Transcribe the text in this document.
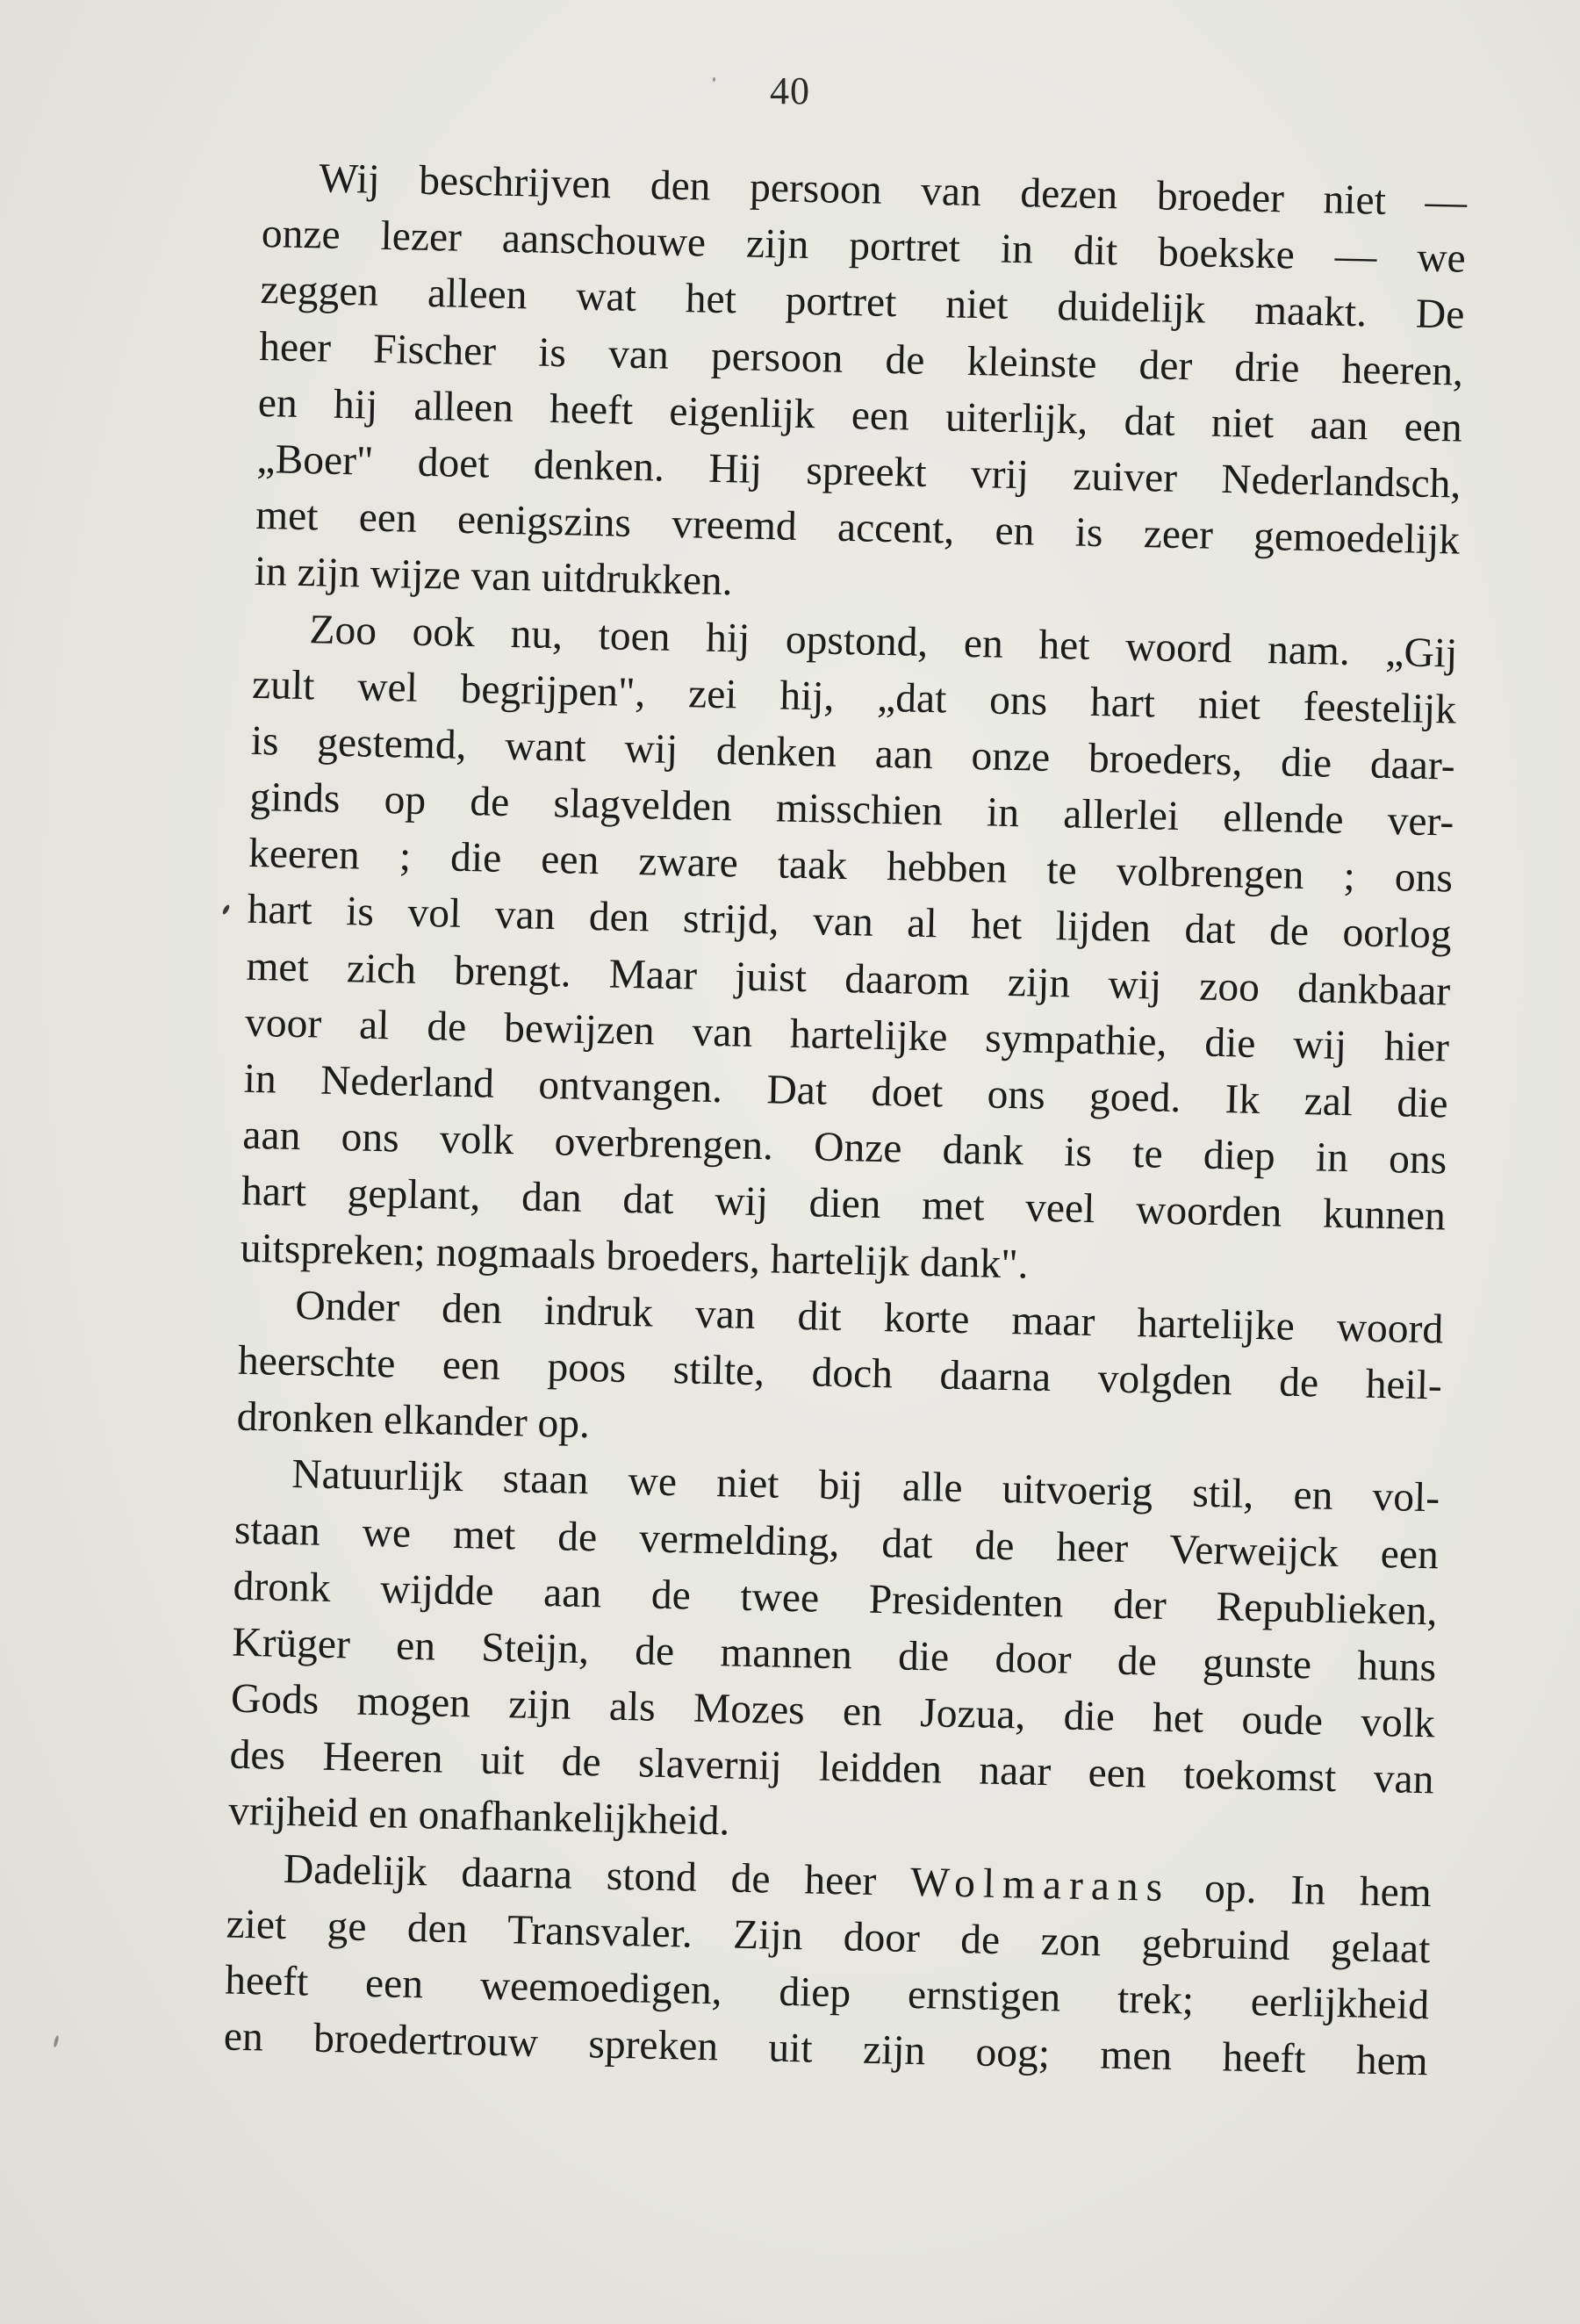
40
Wij beschrijven den persoon van dezen broeder niet —
onze lezer aanschouwe zijn portret in dit boekske — we
zeggen alleen wat het portret niet duidelijk maakt. De
heer Fischer is van persoon de kleinste der drie heeren,
en hij alleen heeft eigenlijk een uiterlijk, dat niet aan een
„Boer" doet denken. Hij spreekt vrij zuiver Nederlandsch,
met een eenigszins vreemd accent, en is zeer gemoedelijk
in zijn wijze van uitdrukken.
Zoo ook nu, toen hij opstond, en het woord nam. „Gij
zult wel begrijpen", zei hij, „dat ons hart niet feestelijk
is gestemd, want wij denken aan onze broeders, die daar-
ginds op de slagvelden misschien in allerlei ellende ver-
keeren ; die een zware taak hebben te volbrengen ; ons
hart is vol van den strijd, van al het lijden dat de oorlog
met zich brengt. Maar juist daarom zijn wij zoo dankbaar
voor al de bewijzen van hartelijke sympathie, die wij hier
in Nederland ontvangen. Dat doet ons goed. Ik zal die
aan ons volk overbrengen. Onze dank is te diep in ons
hart geplant, dan dat wij dien met veel woorden kunnen
uitspreken; nogmaals broeders, hartelijk dank".
Onder den indruk van dit korte maar hartelijke woord
heerschte een poos stilte, doch daarna volgden de heil-
dronken elkander op.
Natuurlijk staan we niet bij alle uitvoerig stil, en vol-
staan we met de vermelding, dat de heer Verweijck een
dronk wijdde aan de twee Presidenten der Republieken,
Krüger en Steijn, de mannen die door de gunste huns
Gods mogen zijn als Mozes en Jozua, die het oude volk
des Heeren uit de slavernij leidden naar een toekomst van
vrijheid en onafhankelijkheid.
Dadelijk daarna stond de heer Wolmarans op. In hem
ziet ge den Transvaler. Zijn door de zon gebruind gelaat
heeft een weemoedigen, diep ernstigen trek; eerlijkheid
en broedertrouw spreken uit zijn oog; men heeft hem
